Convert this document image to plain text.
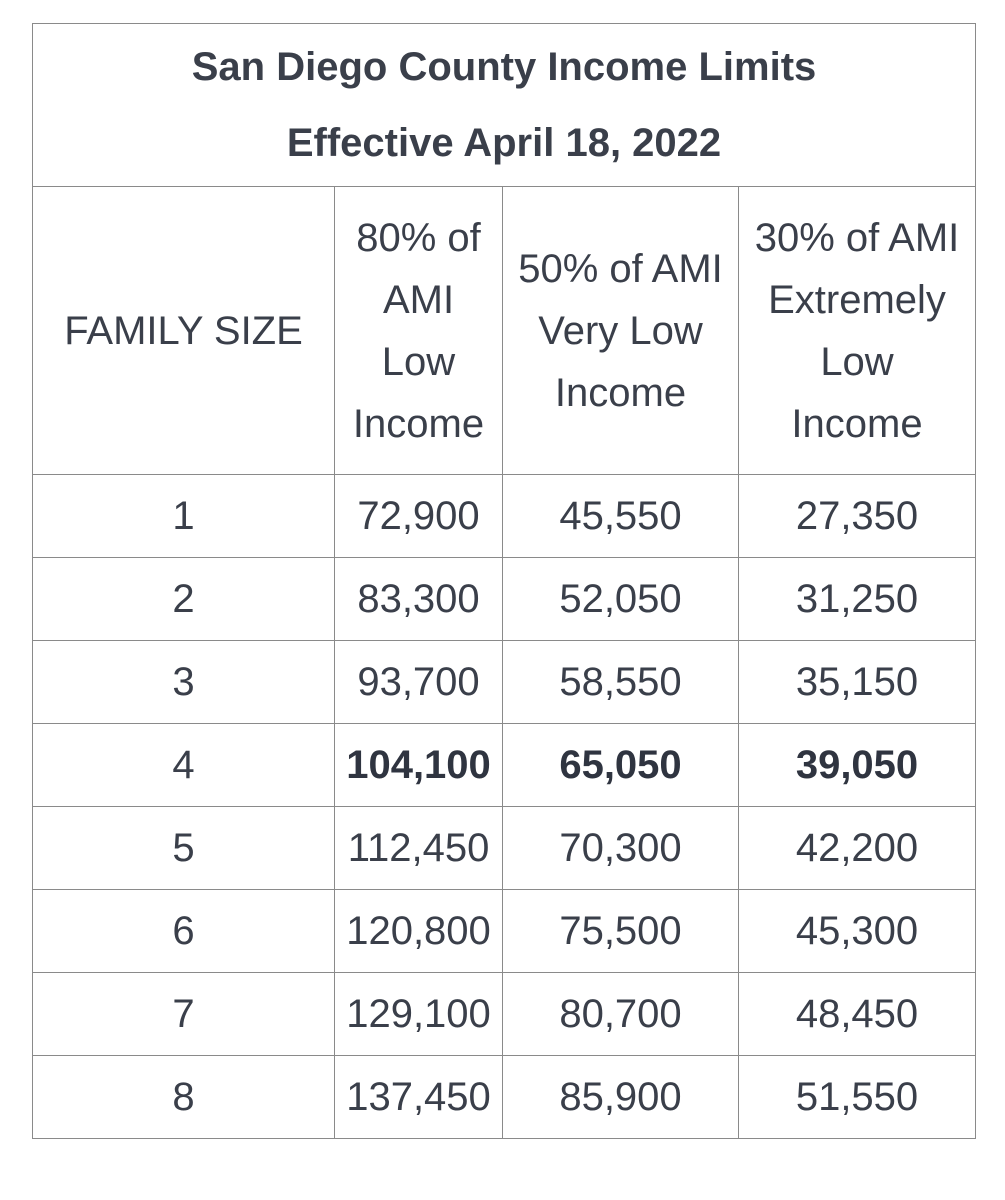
San Diego County Income Limits
Effective April 18, 2022			

FAMILY SIZE	80% of
AMI
Low
Income	50% of AMI
Very Low
Income	30% of AMI
Extremely
Low
Income

1	72,900	45,550	27,350
2	83,300	52,050	31,250
3	93,700	58,550	35,150
4	104,100	65,050	39,050
5	112,450	70,300	42,200
6	120,800	75,500	45,300
7	129,100	80,700	48,450
8	137,450	85,900	51,550
